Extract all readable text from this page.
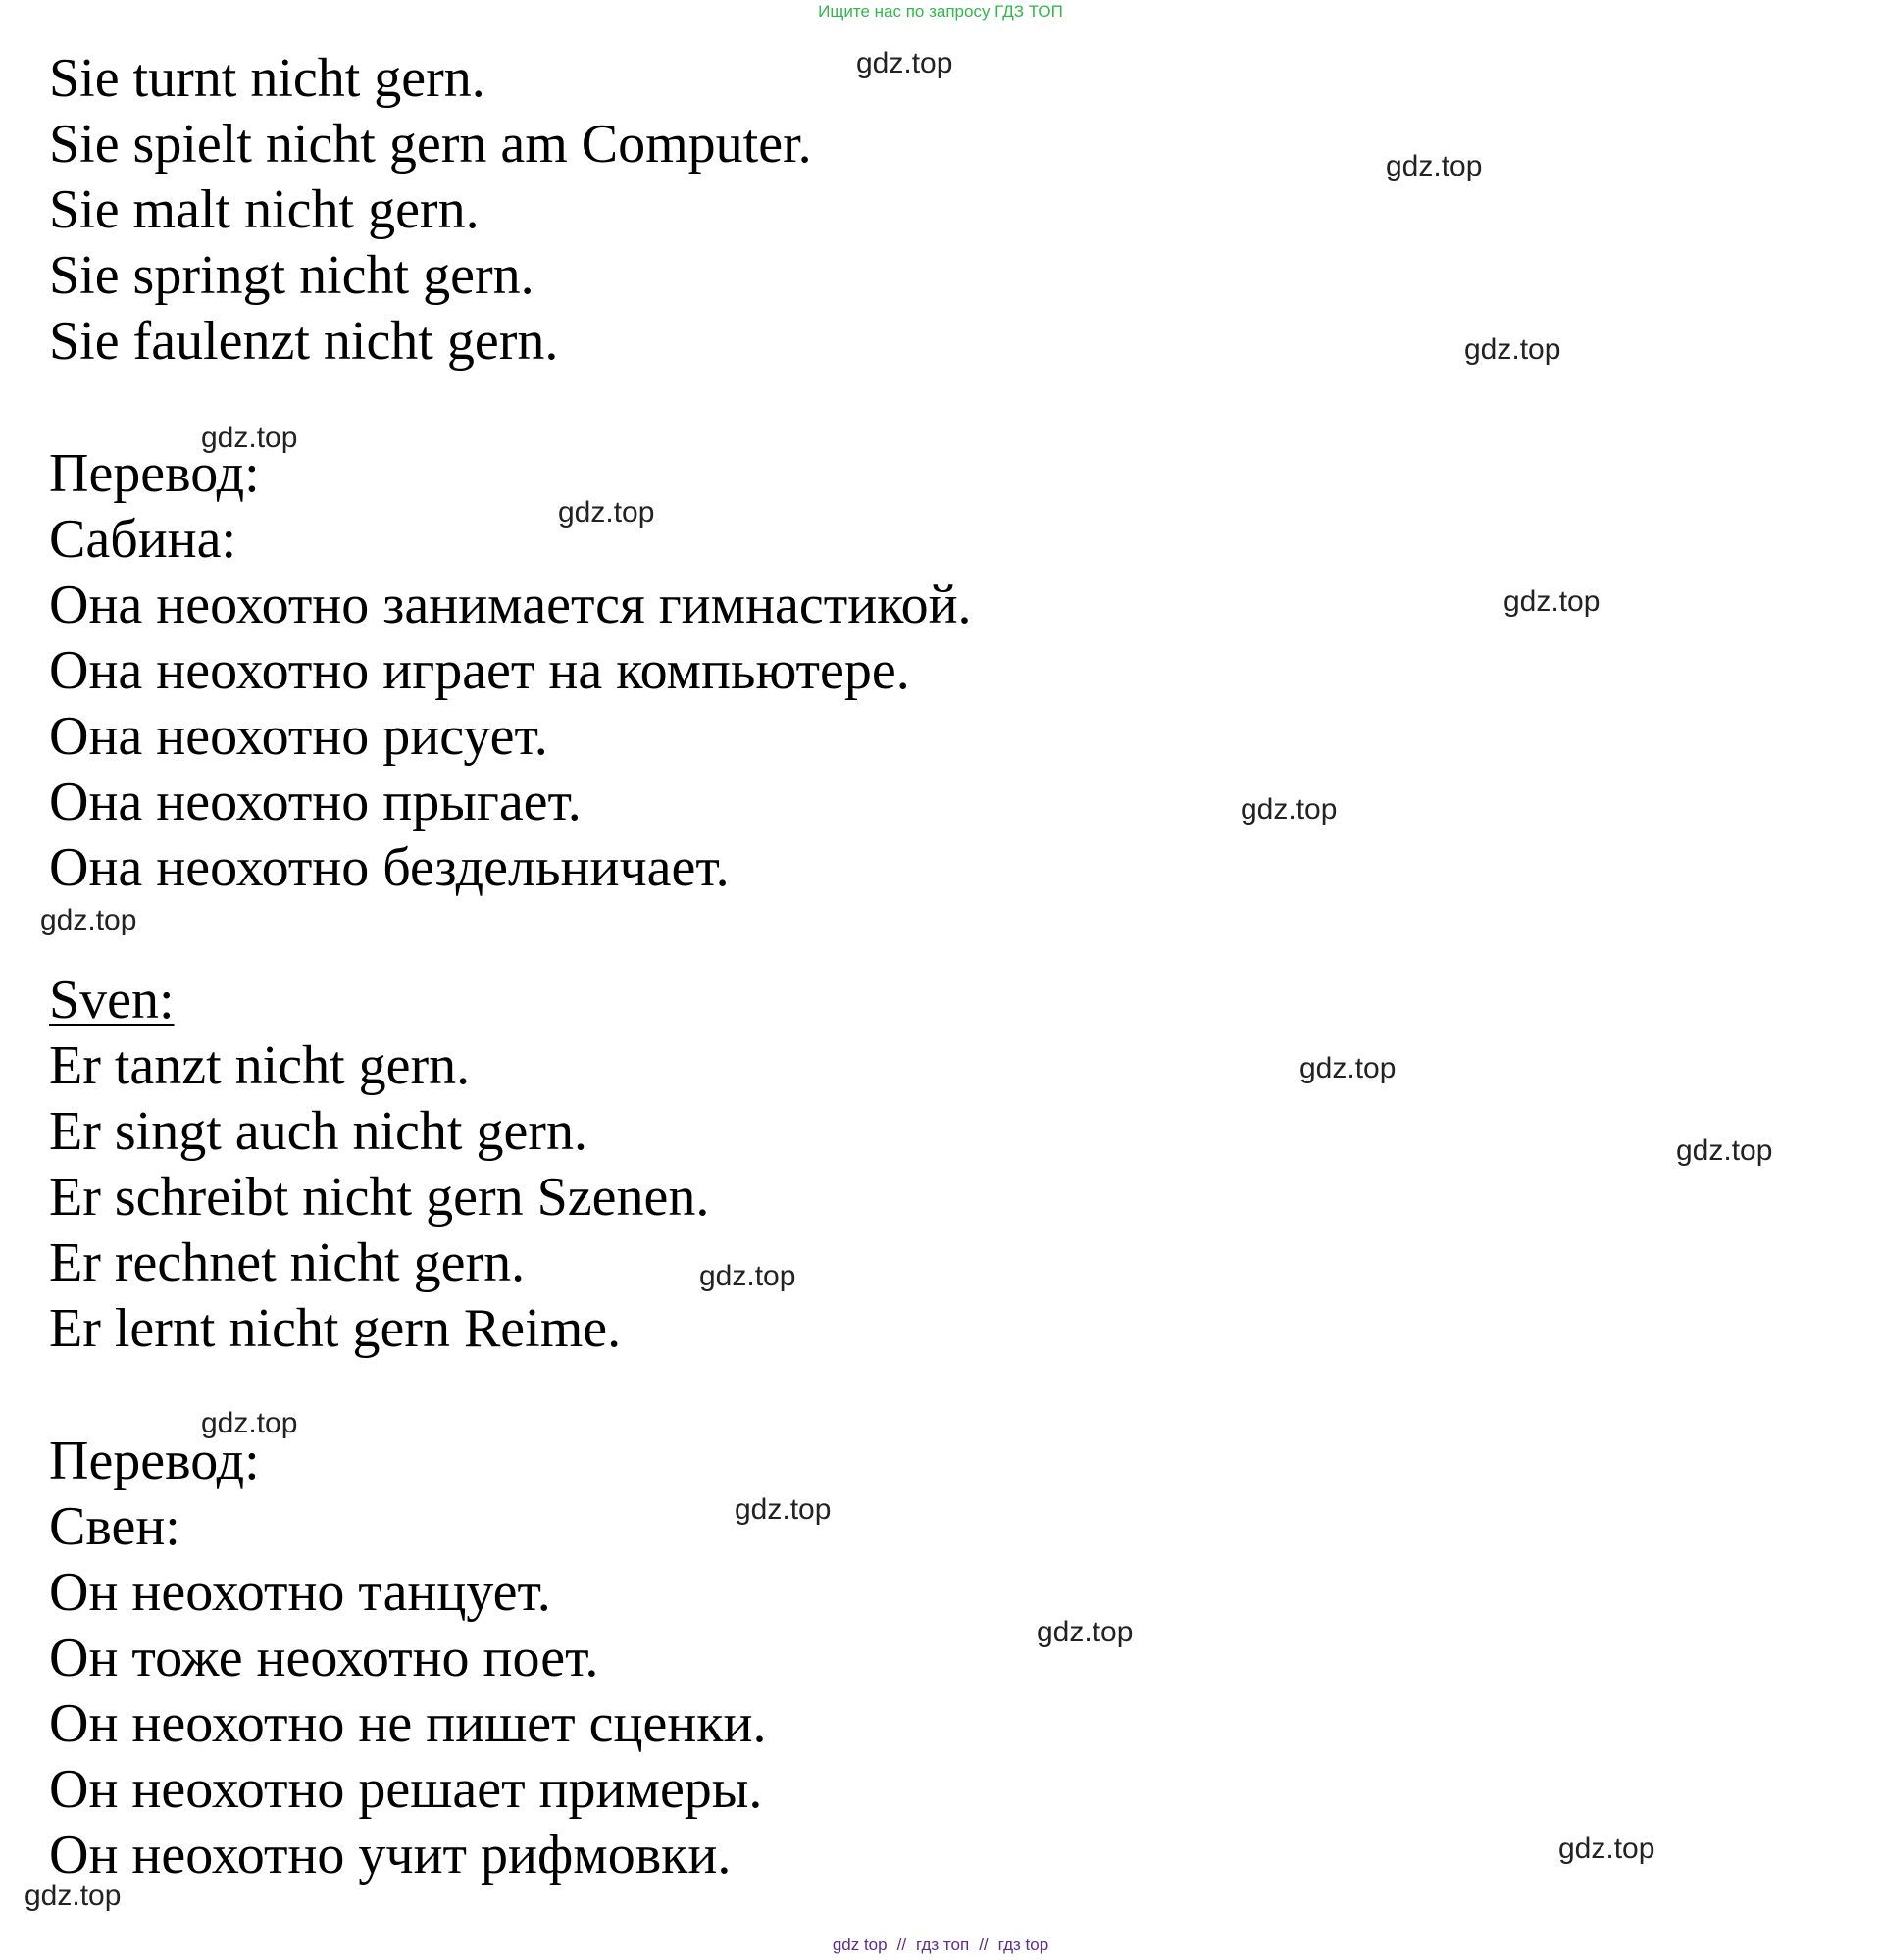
Ищите нас по запросу ГДЗ ТОП
Sie turnt nicht gern.
Sie spielt nicht gern am Computer.
Sie malt nicht gern.
Sie springt nicht gern.
Sie faulenzt nicht gern.
Перевод:
Сабина:
Она неохотно занимается гимнастикой.
Она неохотно играет на компьютере.
Она неохотно рисует.
Она неохотно прыгает.
Она неохотно бездельничает.
Sven:
Er tanzt nicht gern.
Er singt auch nicht gern.
Er schreibt nicht gern Szenen.
Er rechnet nicht gern.
Er lernt nicht gern Reime.
Перевод:
Свен:
Он неохотно танцует.
Он тоже неохотно поет.
Он неохотно не пишет сценки.
Он неохотно решает примеры.
Он неохотно учит рифмовки.
gdz.top
gdz.top
gdz.top
gdz.top
gdz.top
gdz.top
gdz.top
gdz.top
gdz.top
gdz.top
gdz.top
gdz.top
gdz.top
gdz.top
gdz.top
gdz.top
gdz top // гдз топ // гдз top
